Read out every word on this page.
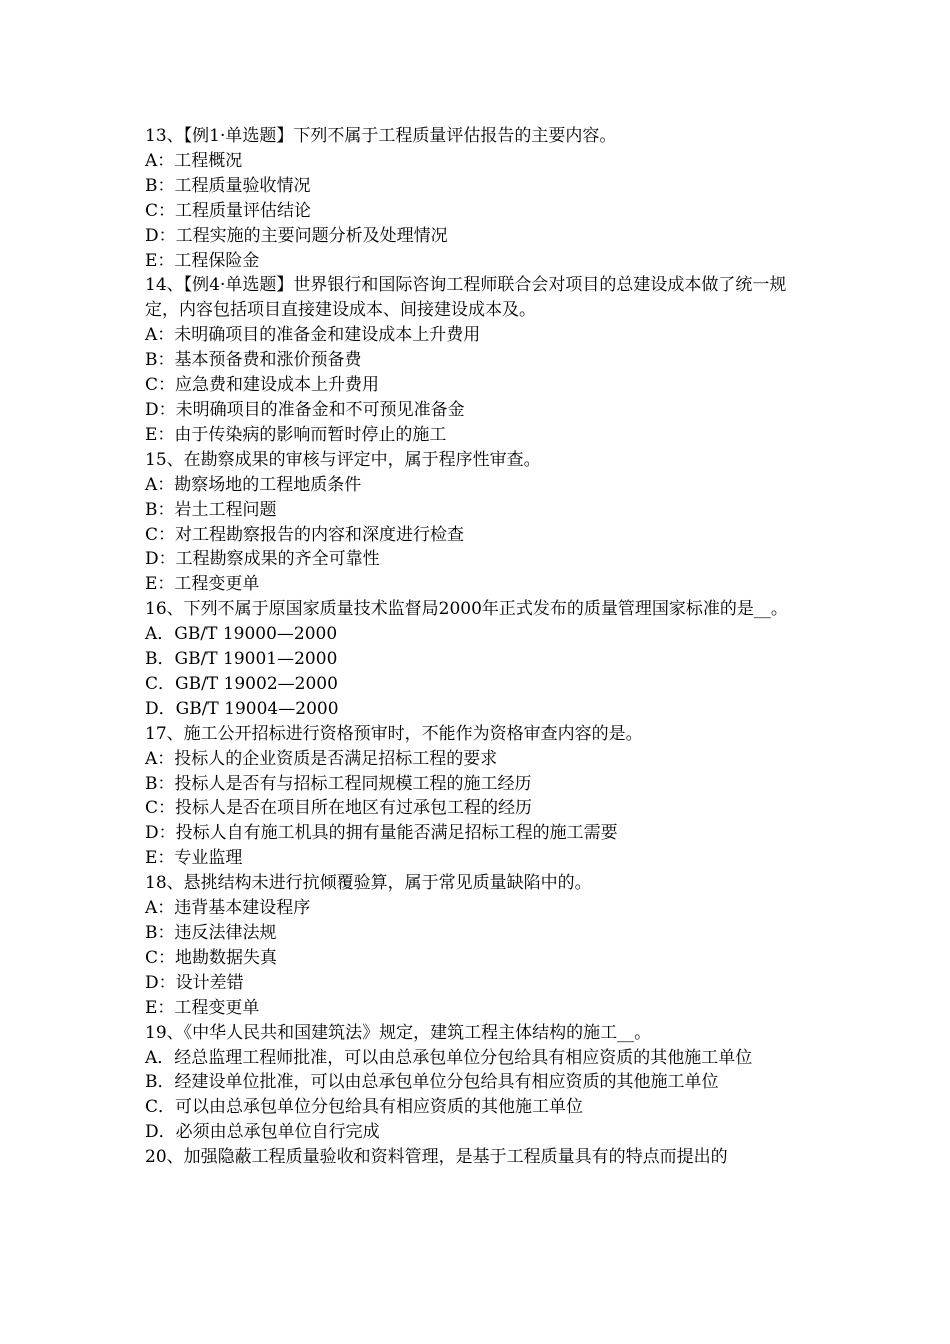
13、【例1·单选题】下列不属于工程质量评估报告的主要内容。

A：工程概况

B：工程质量验收情况

C：工程质量评估结论

D：工程实施的主要问题分析及处理情况

E：工程保险金

14、【例4·单选题】世界银行和国际咨询工程师联合会对项目的总建设成本做了统一规定，内容包括项目直接建设成本、间接建设成本及。

A：未明确项目的准备金和建设成本上升费用

B：基本预备费和涨价预备费

C：应急费和建设成本上升费用

D：未明确项目的准备金和不可预见准备金

E：由于传染病的影响而暂时停止的施工

15、在勘察成果的审核与评定中，属于程序性审查。

A：勘察场地的工程地质条件

B：岩土工程问题

C：对工程勘察报告的内容和深度进行检查

D：工程勘察成果的齐全可靠性

E：工程变更单

16、下列不属于原国家质量技术监督局2000年正式发布的质量管理国家标准的是__。

A．GB/T 19000—2000

B．GB/T 19001—2000

C．GB/T 19002—2000

D．GB/T 19004—2000

17、施工公开招标进行资格预审时，不能作为资格审查内容的是。

A：投标人的企业资质是否满足招标工程的要求

B：投标人是否有与招标工程同规模工程的施工经历

C：投标人是否在项目所在地区有过承包工程的经历

D：投标人自有施工机具的拥有量能否满足招标工程的施工需要

E：专业监理

18、悬挑结构未进行抗倾覆验算，属于常见质量缺陷中的。

A：违背基本建设程序

B：违反法律法规

C：地勘数据失真

D：设计差错

E：工程变更单

19、《中华人民共和国建筑法》规定，建筑工程主体结构的施工__。

A．经总监理工程师批准，可以由总承包单位分包给具有相应资质的其他施工单位

B．经建设单位批准，可以由总承包单位分包给具有相应资质的其他施工单位

C．可以由总承包单位分包给具有相应资质的其他施工单位

D．必须由总承包单位自行完成

20、加强隐蔽工程质量验收和资料管理，是基于工程质量具有的特点而提出的
